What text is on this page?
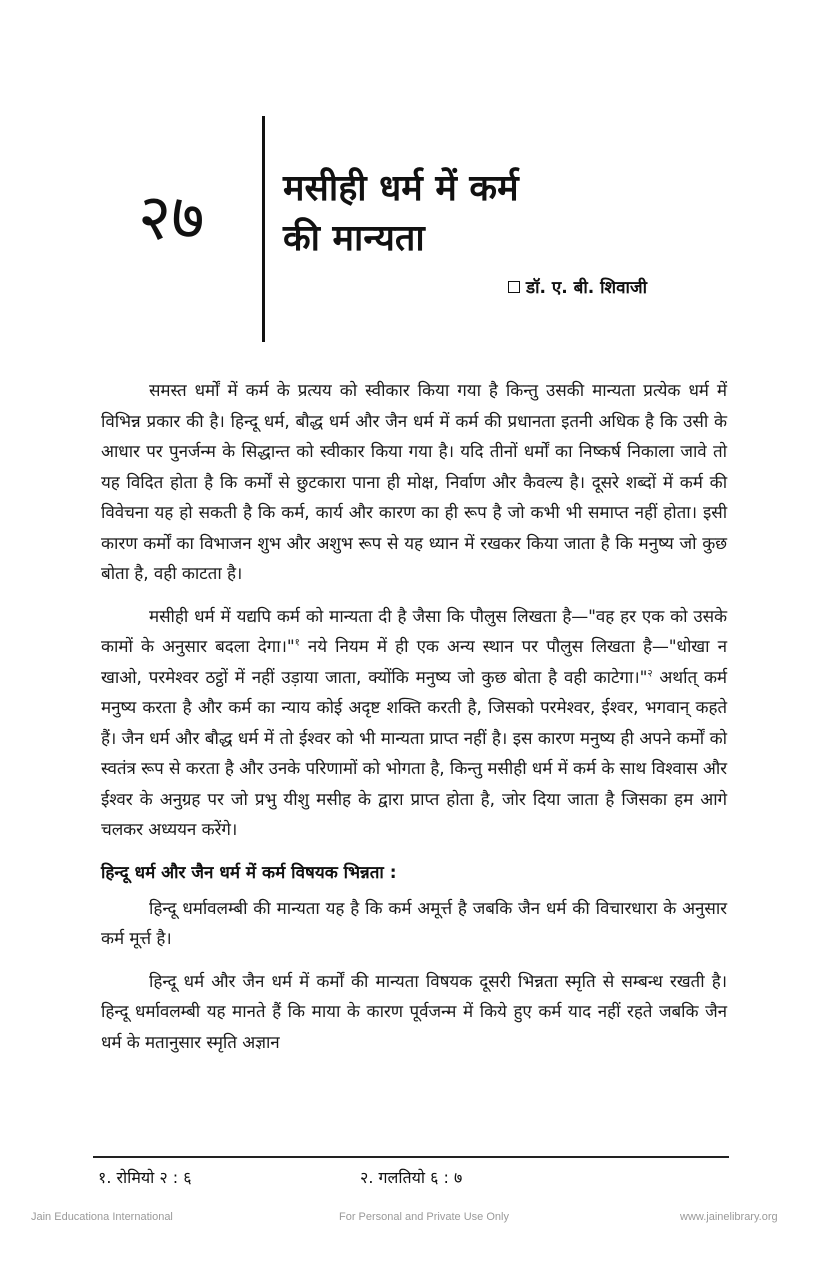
२७ मसीही धर्म में कर्म

की मान्यता

डॉ. ए. बी. शिवाजी

समस्त धर्मों में कर्म के प्रत्यय को स्वीकार किया गया है किन्तु उसकी मान्यता प्रत्येक धर्म में विभिन्न प्रकार की है। हिन्दू धर्म, बौद्ध धर्म और जैन धर्म में कर्म की प्रधानता इतनी अधिक है कि उसी के आधार पर पुनर्जन्म के सिद्धान्त को स्वीकार किया गया है। यदि तीनों धर्मों का निष्कर्ष निकाला जावे तो यह विदित होता है कि कर्मों से छुटकारा पाना ही मोक्ष, निर्वाण और कैवल्य है। दूसरे शब्दों में कर्म की विवेचना यह हो सकती है कि कर्म, कार्य और कारण का ही रूप है जो कभी भी समाप्त नहीं होता। इसी कारण कर्मों का विभाजन शुभ और अशुभ रूप से यह ध्यान में रखकर किया जाता है कि मनुष्य जो कुछ बोता है, वही काटता है।

मसीही धर्म में यद्यपि कर्म को मान्यता दी है जैसा कि पौलुस लिखता है—"वह हर एक को उसके कामों के अनुसार बदला देगा।"$^१$ नये नियम में ही एक अन्य स्थान पर पौलुस लिखता है—"धोखा न खाओ, परमेश्वर ठट्ठों में नहीं उड़ाया जाता, क्योंकि मनुष्य जो कुछ बोता है वही काटेगा।"$^२$ अर्थात् कर्म मनुष्य करता है और कर्म का न्याय कोई अदृष्ट शक्ति करती है, जिसको परमेश्वर, ईश्वर, भगवान् कहते हैं। जैन धर्म और बौद्ध धर्म में तो ईश्वर को भी मान्यता प्राप्त नहीं है। इस कारण मनुष्य ही अपने कर्मों को स्वतंत्र रूप से करता है और उनके परिणामों को भोगता है, किन्तु मसीही धर्म में कर्म के साथ विश्वास और ईश्वर के अनुग्रह पर जो प्रभु यीशु मसीह के द्वारा प्राप्त होता है, जोर दिया जाता है जिसका हम आगे चलकर अध्ययन करेंगे।

हिन्दू धर्म और जैन धर्म में कर्म विषयक भिन्नता :

हिन्दू धर्मावलम्बी की मान्यता यह है कि कर्म अमूर्त्त है जबकि जैन धर्म की विचारधारा के अनुसार कर्म मूर्त्त है।

हिन्दू धर्म और जैन धर्म में कर्मों की मान्यता विषयक दूसरी भिन्नता स्मृति से सम्बन्ध रखती है। हिन्दू धर्मावलम्बी यह मानते हैं कि माया के कारण पूर्वजन्म में किये हुए कर्म याद नहीं रहते जबकि जैन धर्म के मतानुसार स्मृति अज्ञान

१. रोमियो २ : ६	२. गलतियो ६ : ७
Jain Educationa International	For Personal and Private Use Only	www.jainelibrary.org
